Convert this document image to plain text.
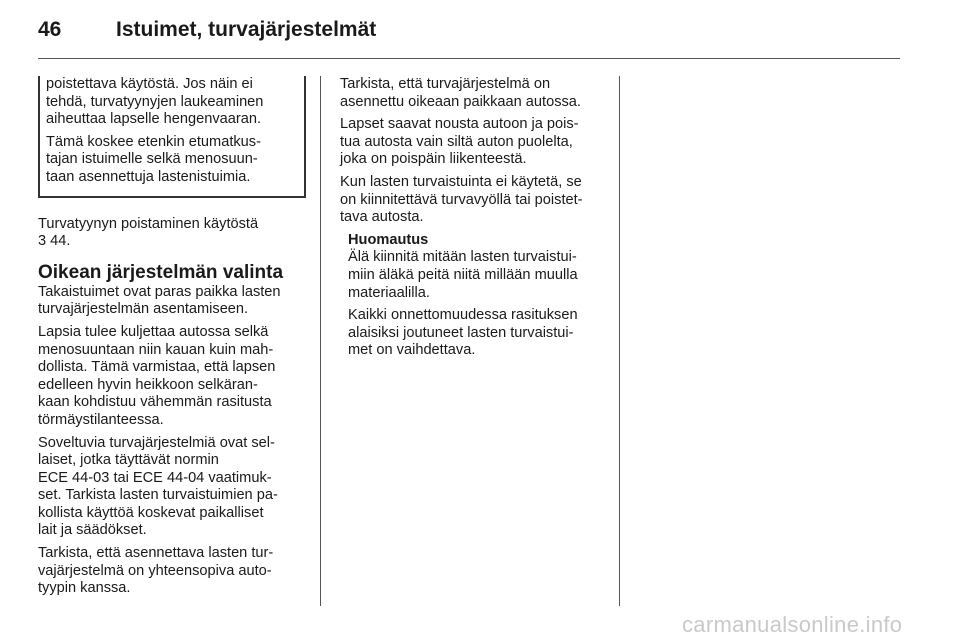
46	Istuimet, turvajärjestelmät
poistettava käytöstä. Jos näin ei
tehdä, turvatyynyjen laukeaminen
aiheuttaa lapselle hengenvaaran.
Tämä koskee etenkin etumatkus-
tajan istuimelle selkä menosuun-
taan asennettuja lastenistuimia.
Turvatyynyn poistaminen käytöstä
3 44.
Oikean järjestelmän valinta
Takaistuimet ovat paras paikka lasten
turvajärjestelmän asentamiseen.
Lapsia tulee kuljettaa autossa selkä
menosuuntaan niin kauan kuin mah-
dollista. Tämä varmistaa, että lapsen
edelleen hyvin heikkoon selkäran-
kaan kohdistuu vähemmän rasitusta
törmäystilanteessa.
Soveltuvia turvajärjestelmiä ovat sel-
laiset, jotka täyttävät normin
ECE 44-03 tai ECE 44-04 vaatimuk-
set. Tarkista lasten turvaistuimien pa-
kollista käyttöä koskevat paikalliset
lait ja säädökset.
Tarkista, että asennettava lasten tur-
vajärjestelmä on yhteensopiva auto-
tyypin kanssa.
Tarkista, että turvajärjestelmä on
asennettu oikeaan paikkaan autossa.
Lapset saavat nousta autoon ja pois-
tua autosta vain siltä auton puolelta,
joka on poispäin liikenteestä.
Kun lasten turvaistuinta ei käytetä, se
on kiinnitettävä turvavyöllä tai poistet-
tava autosta.
Huomautus
Älä kiinnitä mitään lasten turvaistui-
miin äläkä peitä niitä millään muulla
materiaalilla.
Kaikki onnettomuudessa rasituksen
alaisiksi joutuneet lasten turvaistui-
met on vaihdettava.
carmanualsonline.info
